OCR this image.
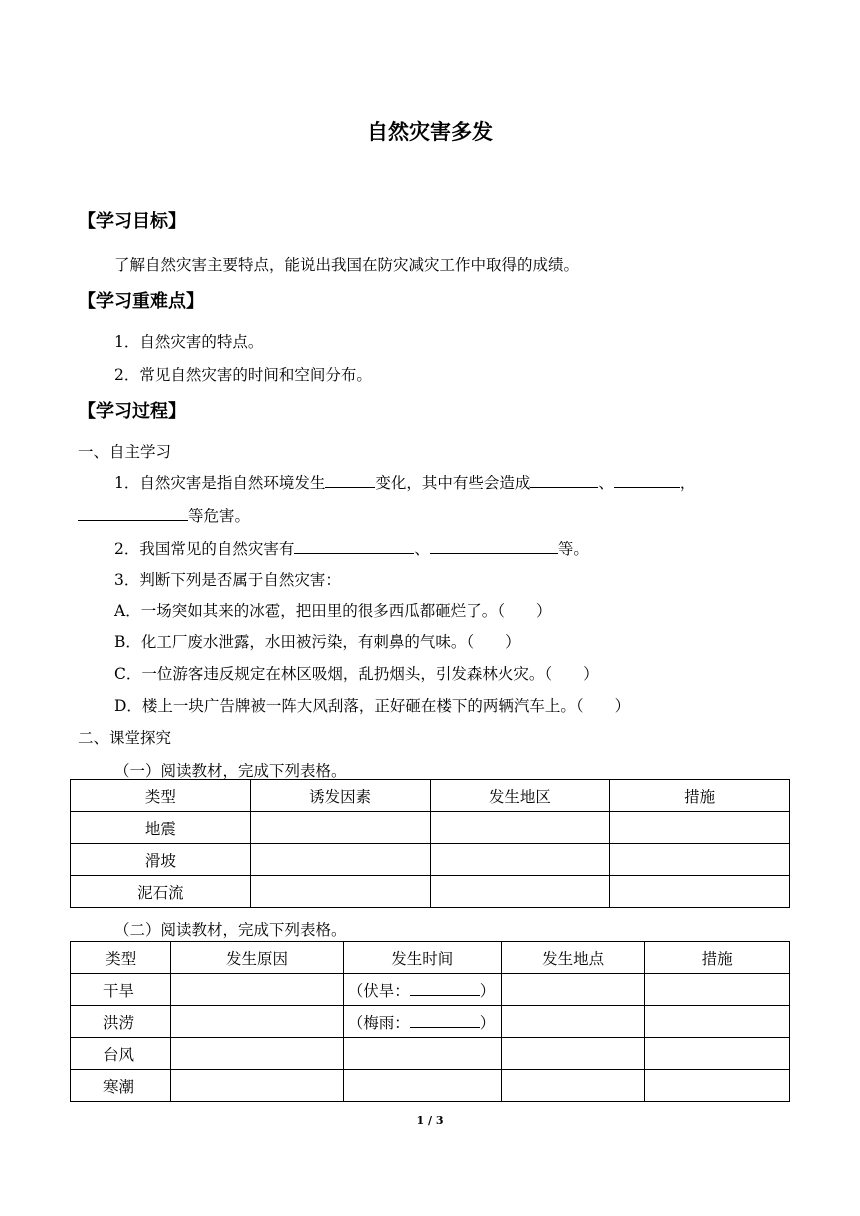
自然灾害多发
【学习目标】
了解自然灾害主要特点，能说出我国在防灾减灾工作中取得的成绩。
【学习重难点】
1．自然灾害的特点。
2．常见自然灾害的时间和空间分布。
【学习过程】
一、自主学习
1．自然灾害是指自然环境发生	变化，其中有些会造成	、	，
等危害。
2．我国常见的自然灾害有	、	等。
3．判断下列是否属于自然灾害：
A．一场突如其来的冰雹，把田里的很多西瓜都砸烂了。（　　）
B．化工厂废水泄露，水田被污染，有刺鼻的气味。（　　）
C．一位游客违反规定在林区吸烟，乱扔烟头，引发森林火灾。（　　）
D．楼上一块广告牌被一阵大风刮落，正好砸在楼下的两辆汽车上。（　　）
二、课堂探究
（一）阅读教材，完成下列表格。
类型	诱发因素	发生地区	措施
地震			
滑坡			
泥石流			
（二）阅读教材，完成下列表格。
类型	发生原因	发生时间	发生地点	措施
干旱		（伏旱： ）		
洪涝		（梅雨： ）		
台风				
寒潮				
1 / 3
